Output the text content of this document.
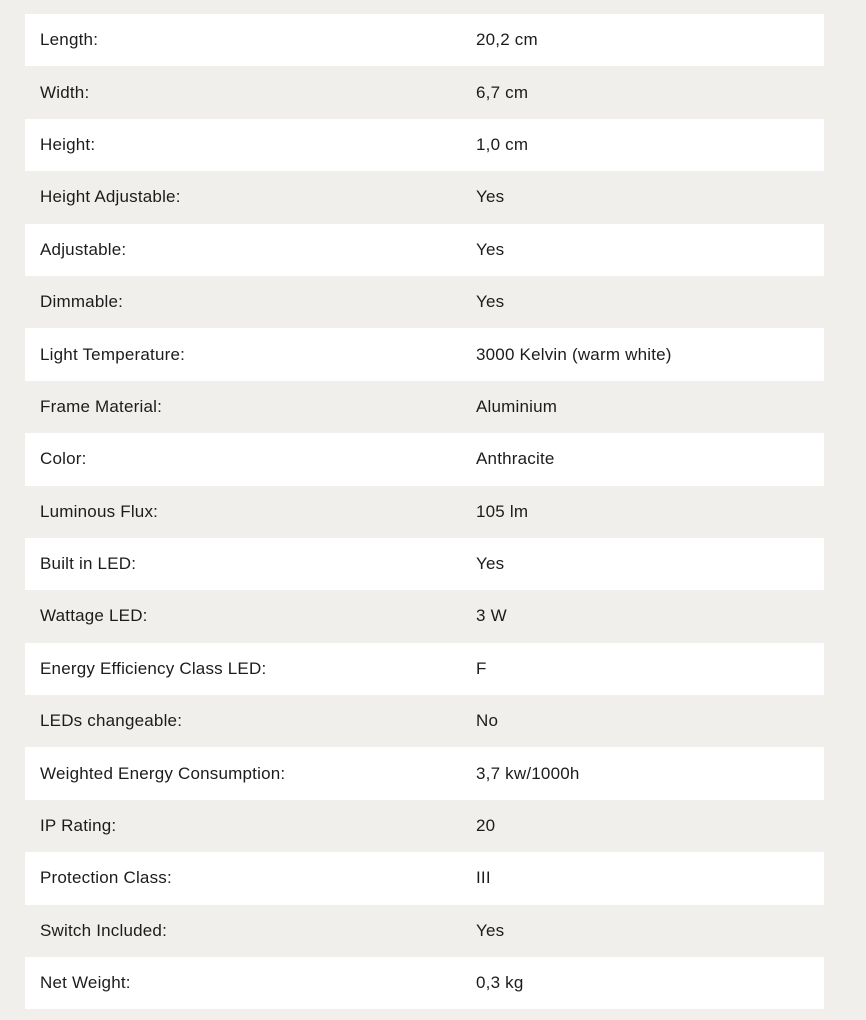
Length:	20,2 cm
Width:	6,7 cm
Height:	1,0 cm
Height Adjustable:	Yes
Adjustable:	Yes
Dimmable:	Yes
Light Temperature:	3000 Kelvin (warm white)
Frame Material:	Aluminium
Color:	Anthracite
Luminous Flux:	105 lm
Built in LED:	Yes
Wattage LED:	3 W
Energy Efficiency Class LED:	F
LEDs changeable:	No
Weighted Energy Consumption:	3,7 kw/1000h
IP Rating:	20
Protection Class:	III
Switch Included:	Yes
Net Weight:	0,3 kg
